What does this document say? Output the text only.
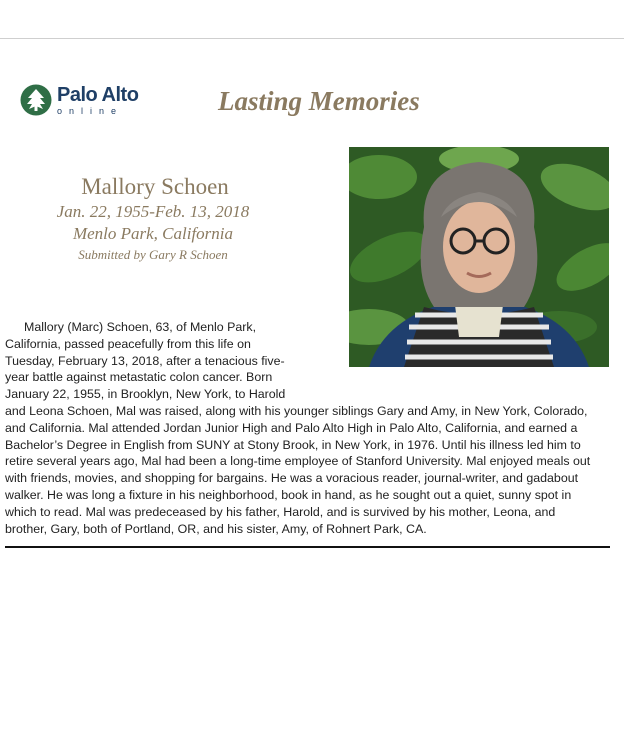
Palo Alto
online	Lasting Memories
Mallory Schoen
Jan. 22, 1955-Feb. 13, 2018
Menlo Park, California
Submitted by Gary R Schoen

Mallory (Marc) Schoen, 63, of Menlo Park,
California, passed peacefully from this life on
Tuesday, February 13, 2018, after a tenacious five-
year battle against metastatic colon cancer. Born
January 22, 1955, in Brooklyn, New York, to Harold

and Leona Schoen, Mal was raised, along with his younger siblings Gary and Amy, in New York, Colorado,
and California. Mal attended Jordan Junior High and Palo Alto High in Palo Alto, California, and earned a
Bachelor’s Degree in English from SUNY at Stony Brook, in New York, in 1976. Until his illness led him to
retire several years ago, Mal had been a long-time employee of Stanford University. Mal enjoyed meals out
with friends, movies, and shopping for bargains. He was a voracious reader, journal-writer, and gadabout
walker. He was long a fixture in his neighborhood, book in hand, as he sought out a quiet, sunny spot in
which to read. Mal was predeceased by his father, Harold, and is survived by his mother, Leona, and
brother, Gary, both of Portland, OR, and his sister, Amy, of Rohnert Park, CA.
